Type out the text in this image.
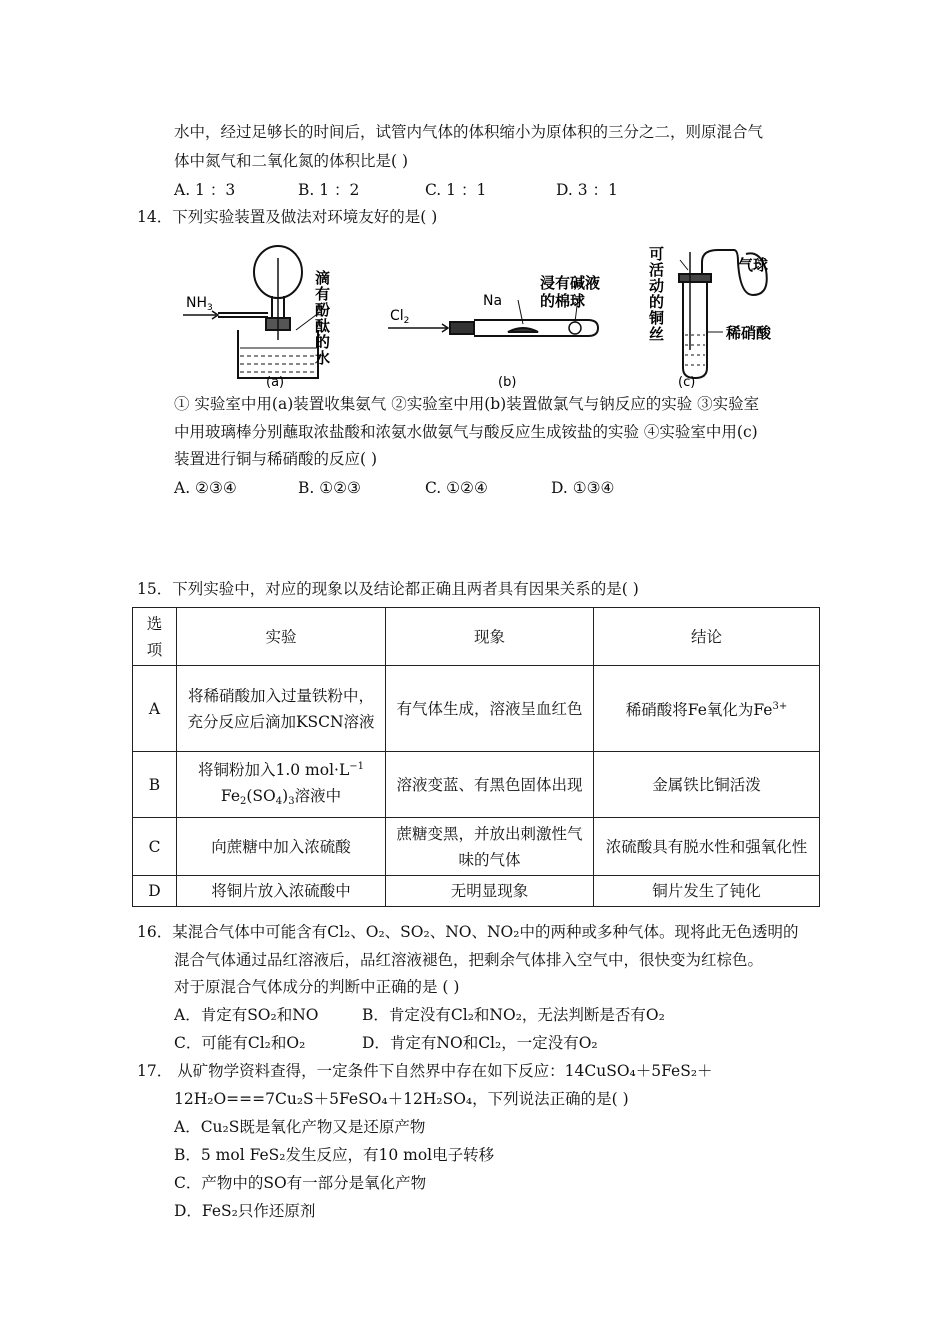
水中，经过足够长的时间后，试管内气体的体积缩小为原体积的三分之二，则原混合气
体中氮气和二氧化氮的体积比是( )
A. 1 ：3	B. 1 ：2	C. 1 ：1	D. 3 ：1
14．下列实验装置及做法对环境友好的是( )
$NH_3$	滴有酚酞的水
(a)
$Cl_2$
Na
浸有碱液
的棉球
(b)
可活动的铜丝	气球
稀硝酸
(c)
① 实验室中用(a)装置收集氨气 ②实验室中用(b)装置做氯气与钠反应的实验 ③实验室
中用玻璃棒分别蘸取浓盐酸和浓氨水做氨气与酸反应生成铵盐的实验 ④实验室中用(c)
装置进行铜与稀硝酸的反应( )
A. ②③④	B. ①②③	C. ①②④	D. ①③④
15．下列实验中，对应的现象以及结论都正确且两者具有因果关系的是( )
选项	实验	现象	结论
A	将稀硝酸加入过量铁粉中，充分反应后滴加KSCN溶液	有气体生成，溶液呈血红色	稀硝酸将Fe氧化为$Fe^{3+}$
B	将铜粉加入1.0 $mol\cdot L^{-1}$
$Fe_2(SO_4)_3$溶液中	溶液变蓝、有黑色固体出现	金属铁比铜活泼
C	向蔗糖中加入浓硫酸	蔗糖变黑，并放出刺激性气味的气体	浓硫酸具有脱水性和强氧化性
D	将铜片放入浓硫酸中	无明显现象	铜片发生了钝化
16．某混合气体中可能含有Cl₂、O₂、SO₂、NO、NO₂中的两种或多种气体。现将此无色透明的
混合气体通过品红溶液后，品红溶液褪色，把剩余气体排入空气中，很快变为红棕色。
对于原混合气体成分的判断中正确的是 ( )
A．肯定有SO₂和NO	B．肯定没有Cl₂和NO₂，无法判断是否有O₂
C．可能有Cl₂和O₂	D．肯定有NO和Cl₂，一定没有O₂
17． 从矿物学资料查得，一定条件下自然界中存在如下反应：14CuSO₄＋5FeS₂＋
12H₂O===7Cu₂S＋5FeSO₄＋12H₂SO₄，下列说法正确的是( )
A．Cu₂S既是氧化产物又是还原产物
B．5 mol FeS₂发生反应，有10 mol电子转移
C．产物中的SO有一部分是氧化产物
D．FeS₂只作还原剂
